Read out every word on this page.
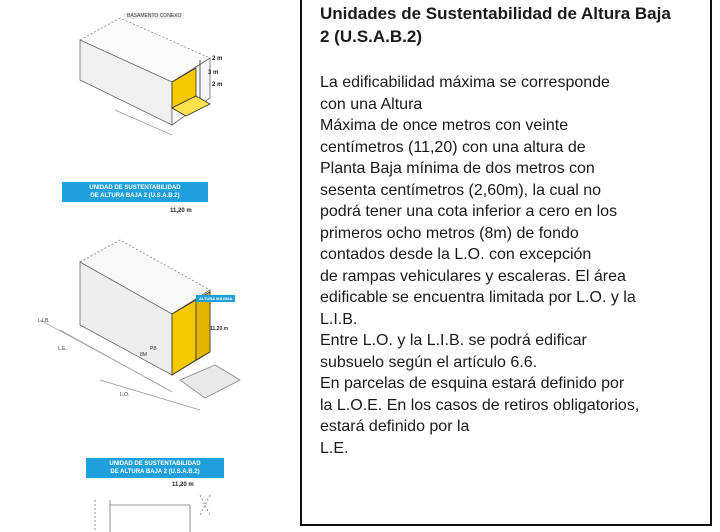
BASAMENTO CONEXO
2 m
3 m
2 m
UNIDAD DE SUSTENTABILIDAD
DE ALTURA BAJA 2 (U.S.A.B.2)
11,20 m
ALTURA MÁXIMA
11,20 m
L.I.B.
L.E.
L.O.
PB
8M
UNIDAD DE SUSTENTABILIDAD
DE ALTURA BAJA 2 (U.S.A.B.2)
11,20 m
Unidades de Sustentabilidad de Altura Baja
2 (U.S.A.B.2)
La edificabilidad máxima se corresponde
con una Altura
Máxima de once metros con veinte
centímetros (11,20) con una altura de
Planta Baja mínima de dos metros con
sesenta centímetros (2,60m), la cual no
podrá tener una cota inferior a cero en los
primeros ocho metros (8m) de fondo
contados desde la L.O. con excepción
de rampas vehiculares y escaleras. El área
edificable se encuentra limitada por L.O. y la
L.I.B.
Entre L.O. y la L.I.B. se podrá edificar
subsuelo según el artículo 6.6.
En parcelas de esquina estará definido por
la L.O.E. En los casos de retiros obligatorios,
estará definido por la
L.E.
